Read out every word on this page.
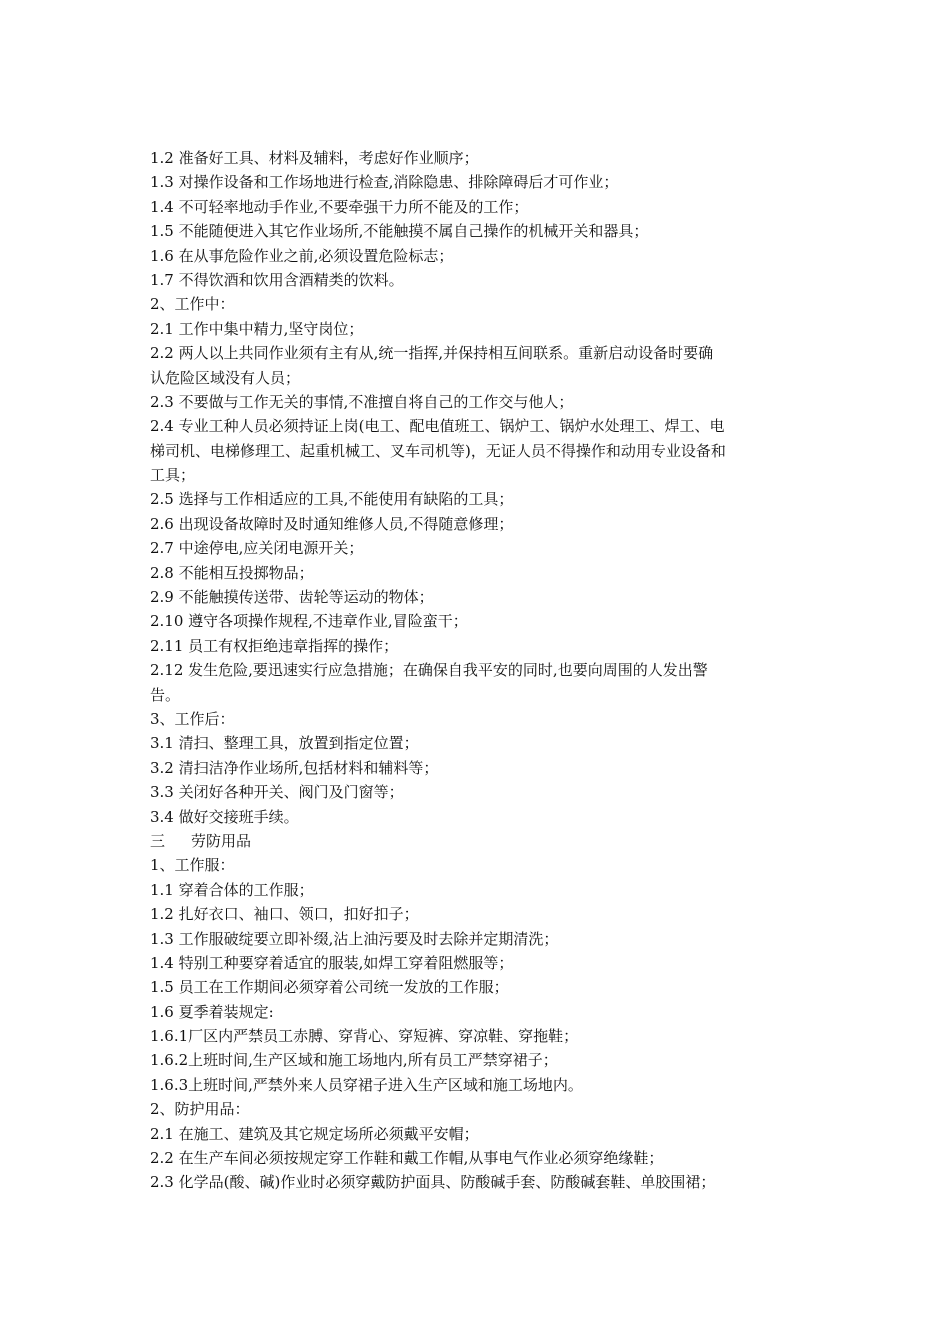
1.2 准备好工具、材料及辅料，考虑好作业顺序；
1.3 对操作设备和工作场地进行检查,消除隐患、排除障碍后才可作业；
1.4 不可轻率地动手作业,不要牵强干力所不能及的工作；
1.5 不能随便进入其它作业场所,不能触摸不属自己操作的机械开关和器具；
1.6 在从事危险作业之前,必须设置危险标志；
1.7 不得饮酒和饮用含酒精类的饮料。
2、工作中：
2.1 工作中集中精力,坚守岗位；
2.2 两人以上共同作业须有主有从,统一指挥,并保持相互间联系。重新启动设备时要确
认危险区域没有人员；
2.3 不要做与工作无关的事情,不准擅自将自己的工作交与他人；
2.4 专业工种人员必须持证上岗(电工、配电值班工、锅炉工、锅炉水处理工、焊工、电
梯司机、电梯修理工、起重机械工、叉车司机等)，无证人员不得操作和动用专业设备和
工具；
2.5 选择与工作相适应的工具,不能使用有缺陷的工具；
2.6 出现设备故障时及时通知维修人员,不得随意修理；
2.7 中途停电,应关闭电源开关；
2.8 不能相互投掷物品；
2.9 不能触摸传送带、齿轮等运动的物体；
2.10 遵守各项操作规程,不违章作业,冒险蛮干；
2.11 员工有权拒绝违章指挥的操作；
2.12 发生危险,要迅速实行应急措施；在确保自我平安的同时,也要向周围的人发出警
告。
3、工作后：
3.1 清扫、整理工具，放置到指定位置；
3.2 清扫洁净作业场所,包括材料和辅料等；
3.3 关闭好各种开关、阀门及门窗等；
3.4 做好交接班手续。
三 劳防用品
1、工作服：
1.1 穿着合体的工作服；
1.2 扎好衣口、袖口、领口，扣好扣子；
1.3 工作服破绽要立即补缀,沾上油污要及时去除并定期清洗；
1.4 特别工种要穿着适宜的服装,如焊工穿着阻燃服等；
1.5 员工在工作期间必须穿着公司统一发放的工作服；
1.6 夏季着装规定:
1.6.1厂区内严禁员工赤膊、穿背心、穿短裤、穿凉鞋、穿拖鞋；
1.6.2上班时间,生产区域和施工场地内,所有员工严禁穿裙子；
1.6.3上班时间,严禁外来人员穿裙子进入生产区域和施工场地内。
2、防护用品：
2.1 在施工、建筑及其它规定场所必须戴平安帽；
2.2 在生产车间必须按规定穿工作鞋和戴工作帽,从事电气作业必须穿绝缘鞋；
2.3 化学品(酸、碱)作业时必须穿戴防护面具、防酸碱手套、防酸碱套鞋、单胶围裙；
